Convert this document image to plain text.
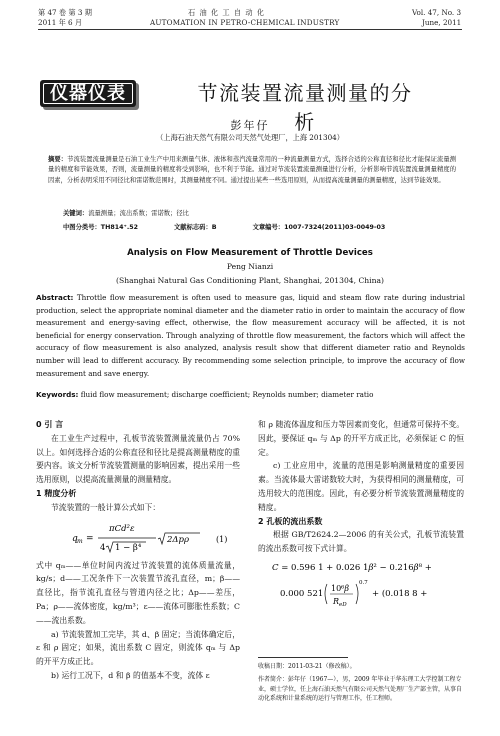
第 47 卷 第 3 期	石 油 化 工 自 动 化	Vol. 47, No. 3
2011 年 6 月	AUTOMATION IN PETRO-CHEMICAL INDUSTRY	June, 2011
仪器仪表	节流装置流量测量的分析
彭年仔
（上海石油天然气有限公司天然气处理厂，上海 201304）
摘要：节流装置流量测量是石油工业生产中用来测量气体、液体和蒸汽流量常用的一种流量测量方式，选择合适的公称直径和径比才能保证流量测量的精度和节能效果，否则，流量测量的精度将受到影响，也不利于节能。通过对节流装置流量测量进行分析，分析影响节流装置流量测量精度的因素，分析表明采用不同径比和雷诺数范围时，其测量精度不同。通过提出某些一些选用原则，从而提高流量测量的测量精度，达到节能效果。
关键词：流量测量；流出系数；雷诺数；径比
中图分类号：TH814⁺.52	文献标志码：B	文章编号：1007-7324(2011)03-0049-03
Analysis on Flow Measurement of Throttle Devices
Peng Nianzi
(Shanghai Natural Gas Conditioning Plant, Shanghai, 201304, China)
Abstract: Throttle flow measurement is often used to measure gas, liquid and steam flow rate during industrial production, select the appropriate nominal diameter and the diameter ratio in order to maintain the accuracy of flow measurement and energy-saving effect, otherwise, the flow measurement accuracy will be affected, it is not beneficial for energy conservation. Through analyzing of throttle flow measurement, the factors which will affect the accuracy of flow measurement is also analyzed, analysis result show that different diameter ratio and Reynolds number will lead to different accuracy. By recommending some selection principle, to improve the accuracy of flow measurement and save energy.
Keywords: fluid flow measurement; discharge coefficient; Reynolds number; diameter ratio
0 引 言
在工业生产过程中，孔板节流装置测量流量仍占 70%以上。如何选择合适的公称直径和径比是提高测量精度的重要内容。该文分析节流装置测量的影响因素，提出采用一些选用原则，以提高流量测量的测量精度。
1 精度分析
节流装置的一般计算公式如下：
q m =
πCd²ε
4 1 − β⁴
2Δpρ	(1)
式中 qₘ——单位时间内流过节流装置的流体质量流量，kg/s；d——工况条件下一次装置节流孔直径，m；β——直径比，指节流孔直径与管道内径之比；Δp——差压，Pa；ρ——流体密度，kg/m³；ε——流体可膨胀性系数；C——流出系数。
a) 节流装置加工完毕，其 d、β 固定；当流体确定后，ε 和 ρ 固定；如果，流出系数 C 固定，则流体 qₘ 与 Δp 的开平方成正比。
b) 运行工况下，d 和 β 的值基本不变，流体 ε
和 ρ 随流体温度和压力等因素而变化，但通常可保持不变。因此，要保证 qₘ 与 Δp 的开平方成正比，必须保证 C 的恒定。
c) 工业应用中，流量的范围是影响测量精度的重要因素。当流体最大雷诺数较大时，为获得相同的测量精度，可选用较大的范围度。因此，有必要分析节流装置测量精度的精度。
2 孔板的流出系数
根据 GB/T2624.2—2006 的有关公式，孔板节流装置的流出系数可按下式计算。
C = 0.596 1 + 0.026 1β² − 0.216β⁸ +
0.000 521
10⁶β
R eD
0.7
+ (0.018 8 +
收稿日期：2011-03-21（修改稿）。
作者简介：彭年仔（1967—），男，2009 年毕业于华东理工大学控制工程专业，硕士学位，任上海石油天然气有限公司天然气处理厂生产部主管，从事自动化系统和计量系统的运行与管理工作，任工程师。
